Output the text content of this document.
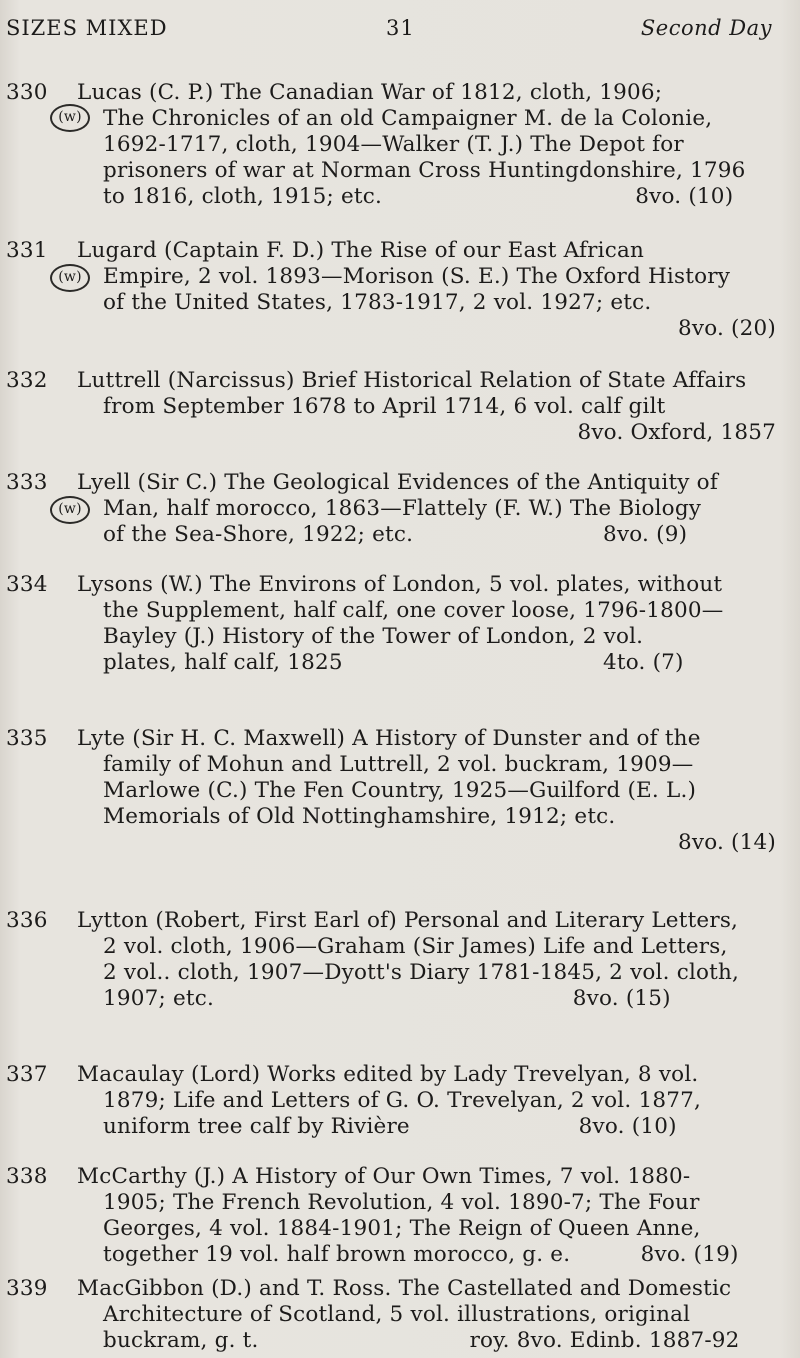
SIZES MIXED	31	Second Day
330
(w)
Lucas (C. P.) The Canadian War of 1812, cloth, 1906;
The Chronicles of an old Campaigner M. de la Colonie,
1692-1717, cloth, 1904—Walker (T. J.) The Depot for
prisoners of war at Norman Cross Huntingdonshire, 1796
to 1816, cloth, 1915; etc.                                    8vo. (10)
331
(w)
Lugard (Captain F. D.) The Rise of our East African
Empire, 2 vol. 1893—Morison (S. E.) The Oxford History
of the United States, 1783-1917, 2 vol. 1927; etc.
8vo. (20)
332	Luttrell (Narcissus) Brief Historical Relation of State Affairs
from September 1678 to April 1714, 6 vol. calf gilt
8vo. Oxford, 1857
333
(w)
Lyell (Sir C.) The Geological Evidences of the Antiquity of
Man, half morocco, 1863—Flattely (F. W.) The Biology
of the Sea-Shore, 1922; etc.                           8vo. (9)
334	Lysons (W.) The Environs of London, 5 vol. plates, without
the Supplement, half calf, one cover loose, 1796-1800—
Bayley (J.) History of the Tower of London, 2 vol.
plates, half calf, 1825                                     4to. (7)
335	Lyte (Sir H. C. Maxwell) A History of Dunster and of the
family of Mohun and Luttrell, 2 vol. buckram, 1909—
Marlowe (C.) The Fen Country, 1925—Guilford (E. L.)
Memorials of Old Nottinghamshire, 1912; etc.
8vo. (14)
336	Lytton (Robert, First Earl of) Personal and Literary Letters,
2 vol. cloth, 1906—Graham (Sir James) Life and Letters,
2 vol.. cloth, 1907—Dyott's Diary 1781-1845, 2 vol. cloth,
1907; etc.                                                   8vo. (15)
337	Macaulay (Lord) Works edited by Lady Trevelyan, 8 vol.
1879; Life and Letters of G. O. Trevelyan, 2 vol. 1877,
uniform tree calf by Rivière                        8vo. (10)
338	McCarthy (J.) A History of Our Own Times, 7 vol. 1880-
1905; The French Revolution, 4 vol. 1890-7; The Four
Georges, 4 vol. 1884-1901; The Reign of Queen Anne,
together 19 vol. half brown morocco, g. e.          8vo. (19)
339	MacGibbon (D.) and T. Ross. The Castellated and Domestic
Architecture of Scotland, 5 vol. illustrations, original
buckram, g. t.                              roy. 8vo. Edinb. 1887-92
